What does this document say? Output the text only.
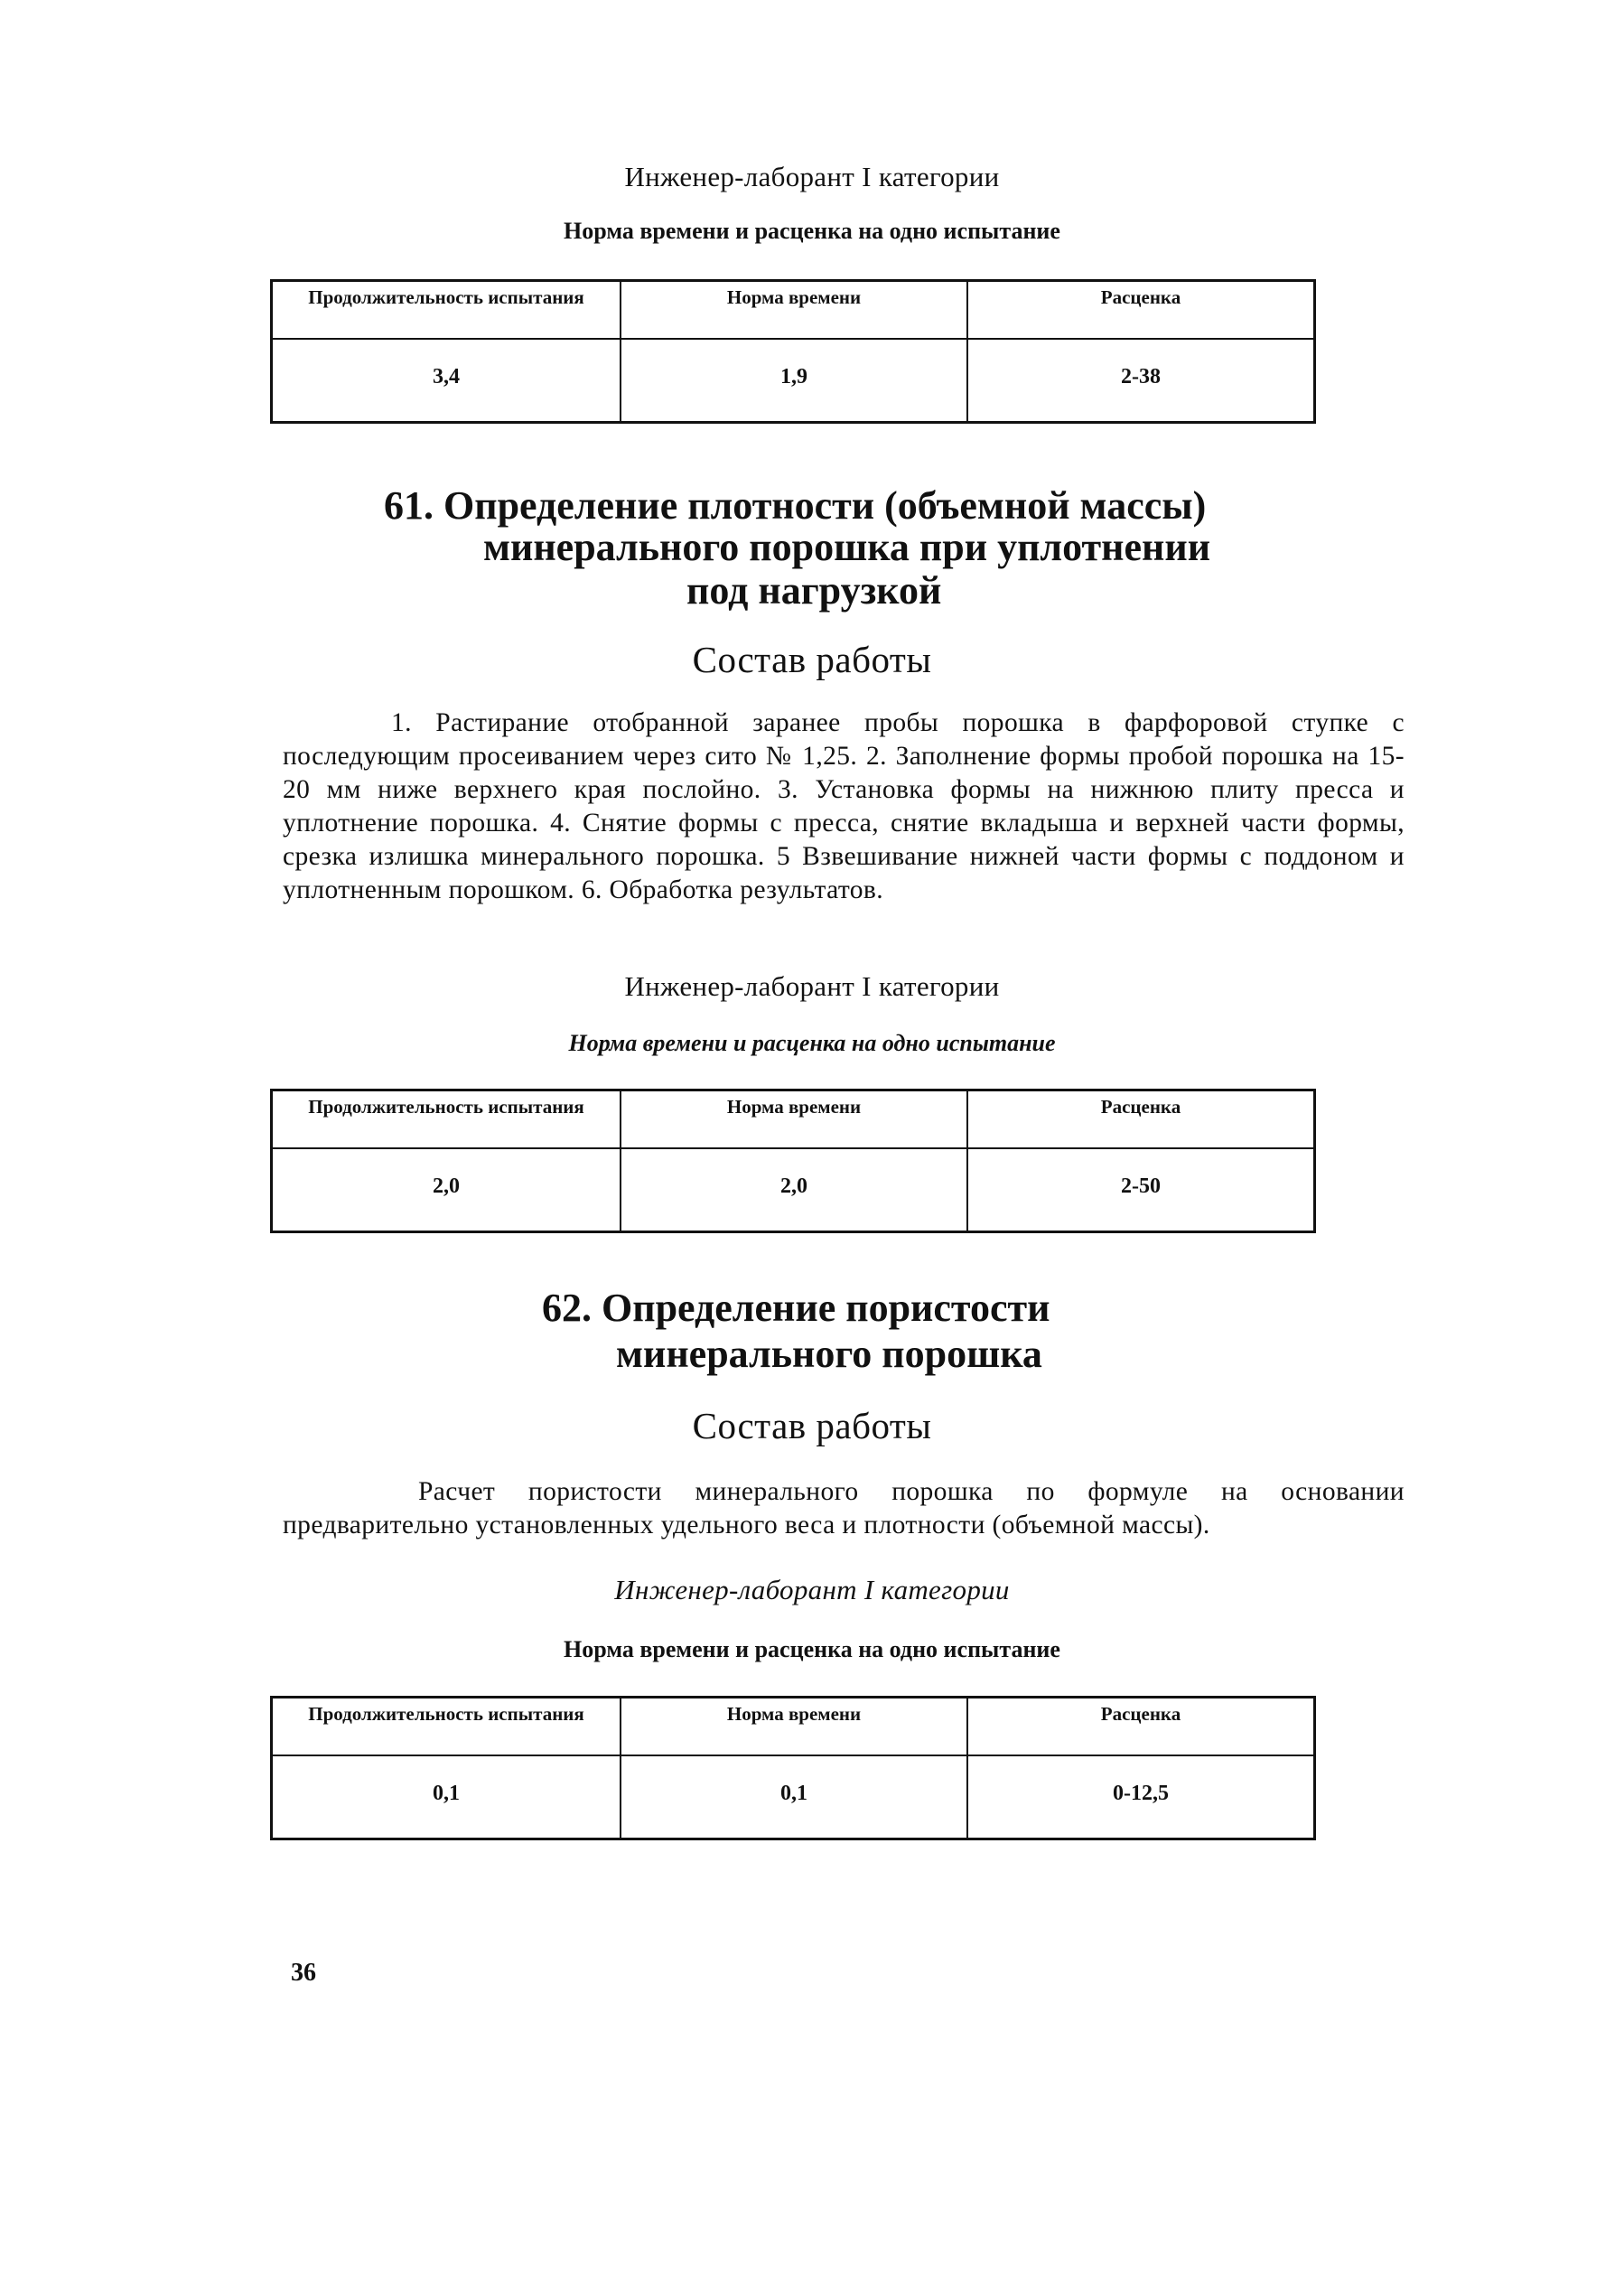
Инженер-лаборант I категории
Норма времени и расценка на одно испытание
Продолжительность испытания	Норма времени	Расценка
3,4	1,9	2-38
61. Определение плотности (объемной массы)
минерального порошка при уплотнении
под нагрузкой
Состав работы
1. Растирание отобранной заранее пробы порошка в фарфоровой ступке с последующим просеиванием через сито № 1,25. 2. Заполнение формы пробой порошка на 15-20 мм ниже верхнего края послойно. 3. Установка формы на нижнюю плиту пресса и уплотнение порошка. 4. Снятие формы с пресса, снятие вкладыша и верхней части формы, срезка излишка минерального порошка. 5 Взвешивание нижней части формы с поддоном и уплотненным порошком. 6. Обработка результатов.
Инженер-лаборант I категории
Норма времени и расценка на одно испытание
Продолжительность испытания	Норма времени	Расценка
2,0	2,0	2-50
62. Определение пористости
минерального порошка
Состав работы
Расчет пористости минерального порошка по формуле на основании предварительно установленных удельного веса и плотности (объемной массы).
Инженер-лаборант I категории
Норма времени и расценка на одно испытание
Продолжительность испытания	Норма времени	Расценка
0,1	0,1	0-12,5
36
